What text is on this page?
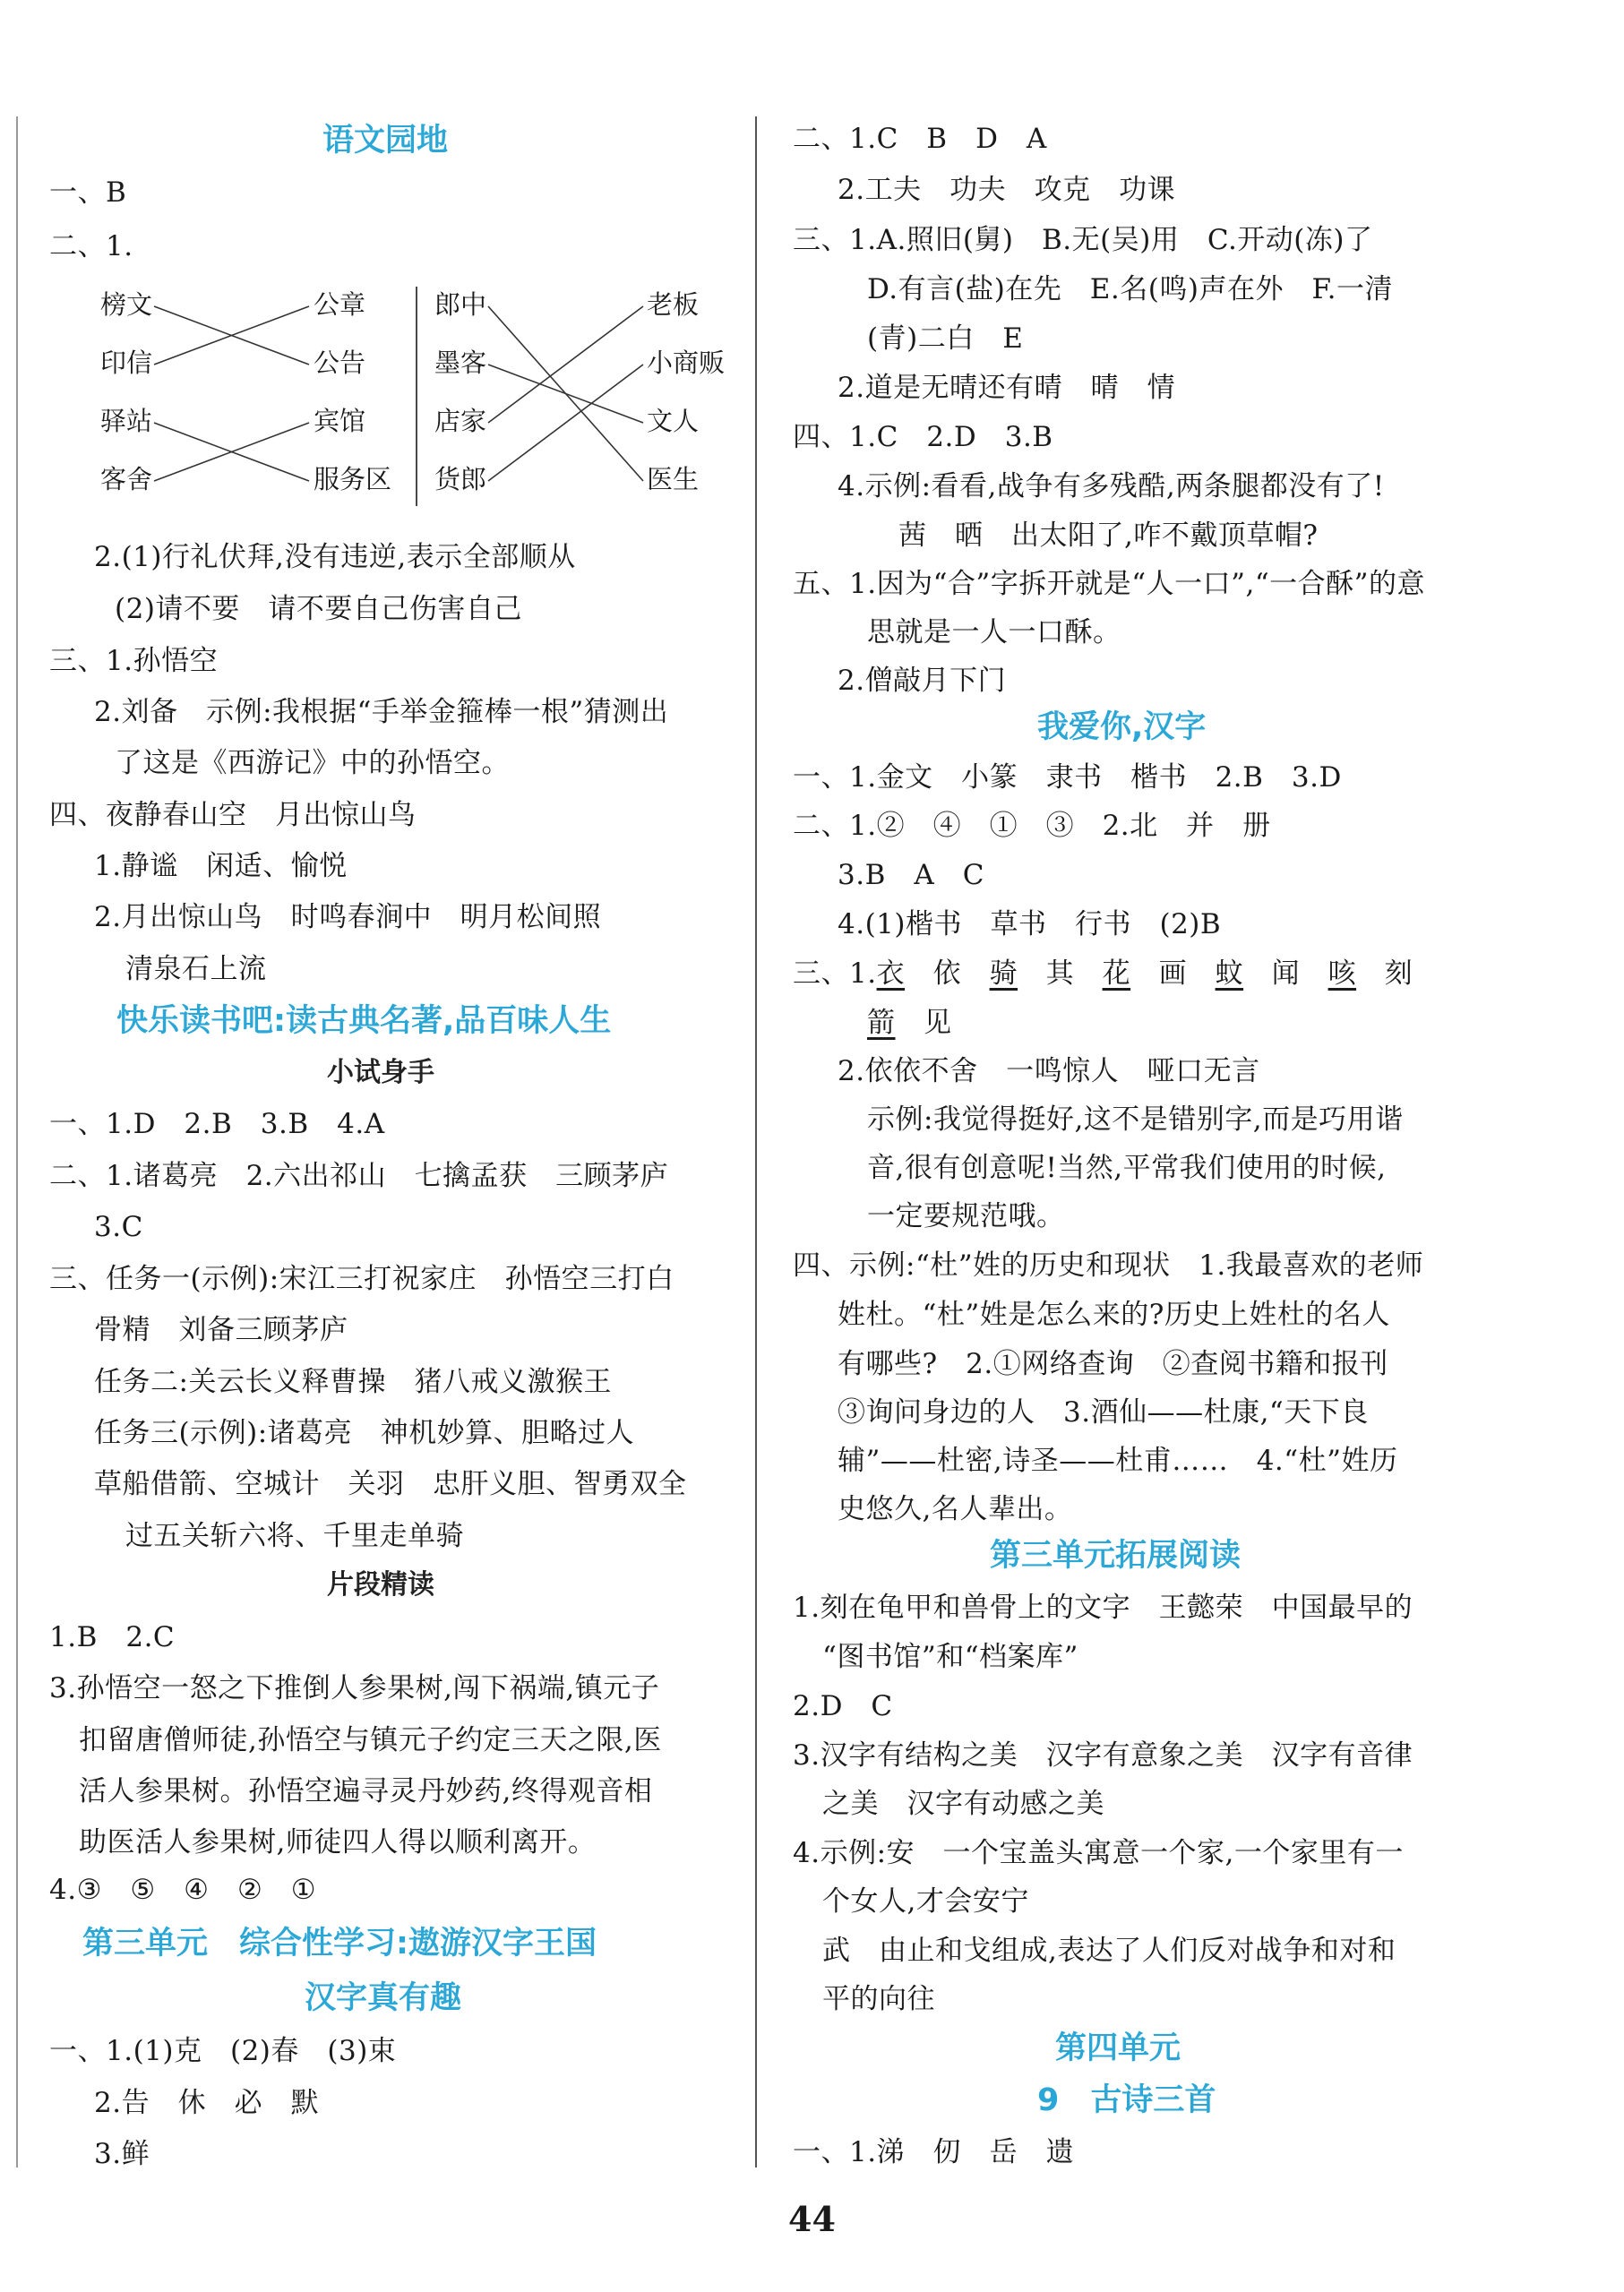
语文园地
一、B
二、1.
榜文
印信
驿站
客舍
公章
公告
宾馆
服务区
郎中
墨客
店家
货郎
老板
小商贩
文人
医生
2.(1)行礼伏拜,没有违逆,表示全部顺从
(2)请不要　请不要自己伤害自己
三、1.孙悟空
2.刘备　示例:我根据“手举金箍棒一根”猜测出
了这是《西游记》中的孙悟空。
四、夜静春山空　月出惊山鸟
1.静谧　闲适、愉悦
2.月出惊山鸟　时鸣春涧中　明月松间照
清泉石上流
快乐读书吧:读古典名著,品百味人生
小试身手
一、1.D　2.B　3.B　4.A
二、1.诸葛亮　2.六出祁山　七擒孟获　三顾茅庐
3.C
三、任务一(示例):宋江三打祝家庄　孙悟空三打白
骨精　刘备三顾茅庐
任务二:关云长义释曹操　猪八戒义激猴王
任务三(示例):诸葛亮　神机妙算、胆略过人
草船借箭、空城计　关羽　忠肝义胆、智勇双全
过五关斩六将、千里走单骑
片段精读
1.B　2.C
3.孙悟空一怒之下推倒人参果树,闯下祸端,镇元子
扣留唐僧师徒,孙悟空与镇元子约定三天之限,医
活人参果树。孙悟空遍寻灵丹妙药,终得观音相
助医活人参果树,师徒四人得以顺利离开。
4.③　⑤　④　②　①
第三单元　综合性学习:遨游汉字王国
汉字真有趣
一、1.(1)克　(2)春　(3)束
2.告　休　必　默
3.鲜
二、1.C　B　D　A
2.工夫　功夫　攻克　功课
三、1.A.照旧(舅)　B.无(吴)用　C.开动(冻)了
D.有言(盐)在先　E.名(鸣)声在外　F.一清
(青)二白　E
2.道是无晴还有晴　晴　情
四、1.C　2.D　3.B
4.示例:看看,战争有多残酷,两条腿都没有了!
茜　晒　出太阳了,咋不戴顶草帽?
五、1.因为“合”字拆开就是“人一口”,“一合酥”的意
思就是一人一口酥。
2.僧敲月下门
我爱你,汉字
一、1.金文　小篆　隶书　楷书　2.B　3.D
二、1.②　④　①　③　2.北　并　册
3.B　A　C
4.(1)楷书　草书　行书　(2)B
三、1.衣　 依　 骑　 其　 花　 画　 蚊　 闻　 咳　 刻
箭　 见
2.依依不舍　一鸣惊人　哑口无言
示例:我觉得挺好,这不是错别字,而是巧用谐
音,很有创意呢!当然,平常我们使用的时候,
一定要规范哦。
四、示例:“杜”姓的历史和现状　1.我最喜欢的老师
姓杜。“杜”姓是怎么来的?历史上姓杜的名人
有哪些?　2.①网络查询　②查阅书籍和报刊
③询问身边的人　3.酒仙——杜康,“天下良
辅”——杜密,诗圣——杜甫……　4.“杜”姓历
史悠久,名人辈出。
第三单元拓展阅读
1.刻在龟甲和兽骨上的文字　王懿荣　中国最早的
“图书馆”和“档案库”
2.D　C
3.汉字有结构之美　汉字有意象之美　汉字有音律
之美　汉字有动感之美
4.示例:安　一个宝盖头寓意一个家,一个家里有一
个女人,才会安宁
武　由止和戈组成,表达了人们反对战争和对和
平的向往
第四单元
9　古诗三首
一、1.涕　仞　岳　遗
44
